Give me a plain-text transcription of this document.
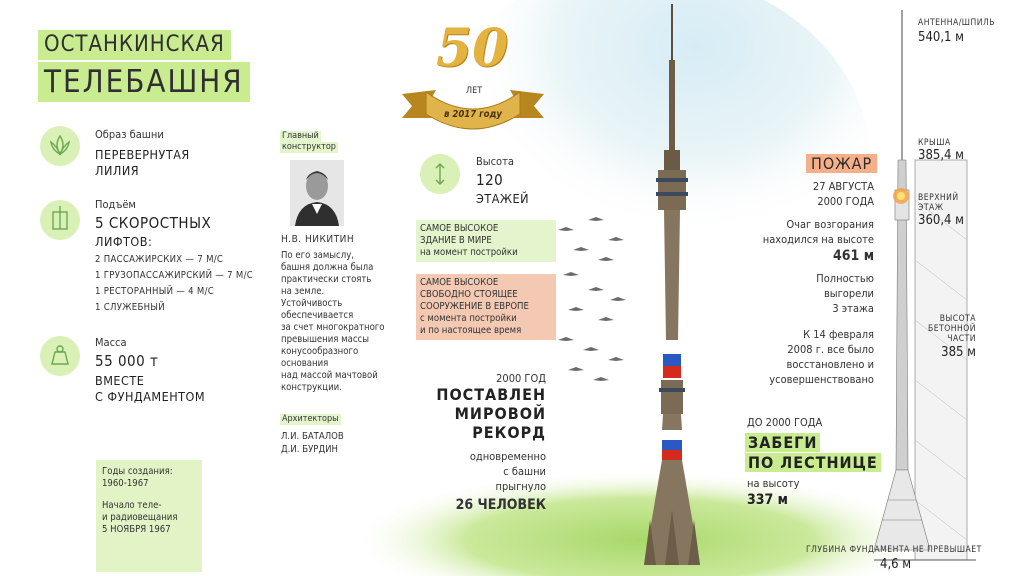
ОСТАНКИНСКАЯ
ТЕЛЕБАШНЯ
Образ башни
ПЕРЕВЕРНУТАЯ
ЛИЛИЯ
Подъём
5 СКОРОСТНЫХ
ЛИФТОВ:
2 ПАССАЖИРСКИХ — 7 М/С
1 ГРУЗОПАССАЖИРСКИЙ — 7 М/С
1 РЕСТОРАННЫЙ — 4 М/С
1 СЛУЖЕБНЫЙ
Масса
55 000 т
ВМЕСТЕ
С ФУНДАМЕНТОМ
Годы создания:
1960-1967
Начало теле-
и радиовещания
5 НОЯБРЯ 1967
Главный
конструктор
Н.В. НИКИТИН
По его замыслу,
башня должна была
практически стоять
на земле.
Устойчивость
обеспечивается
за счет многократного
превышения массы
конусообразного
основания
над массой мачтовой
конструкции.
Архитекторы
Л.И. БАТАЛОВ
Д.И. БУРДИН
50
ЛЕТ
в 2017 году
Высота
120
ЭТАЖЕЙ
САМОЕ ВЫСОКОЕ
ЗДАНИЕ В МИРЕ
на момент постройки
САМОЕ ВЫСОКОЕ
СВОБОДНО СТОЯЩЕЕ
СООРУЖЕНИЕ В ЕВРОПЕ
с момента постройки
и по настоящее время
2000 ГОД
ПОСТАВЛЕН
МИРОВОЙ
РЕКОРД
одновременно
с башни
прыгнуло
26 ЧЕЛОВЕК
ПОЖАР
27 АВГУСТА
2000 ГОДА
Очаг возгорания
находился на высоте
461 м
Полностью
выгорели
3 этажа
К 14 февраля
2008 г. все было
восстановлено и
усовершенствовано
ДО 2000 ГОДА
ЗАБЕГИ
ПО ЛЕСТНИЦЕ
на высоту
337 м
АНТЕННА/ШПИЛЬ
540,1 м
КРЫША
385,4 м
ВЕРХНИЙ
ЭТАЖ
360,4 м
ВЫСОТА
БЕТОННОЙ
ЧАСТИ
385 м
ГЛУБИНА ФУНДАМЕНТА НЕ ПРЕВЫШАЕТ
4,6 м
